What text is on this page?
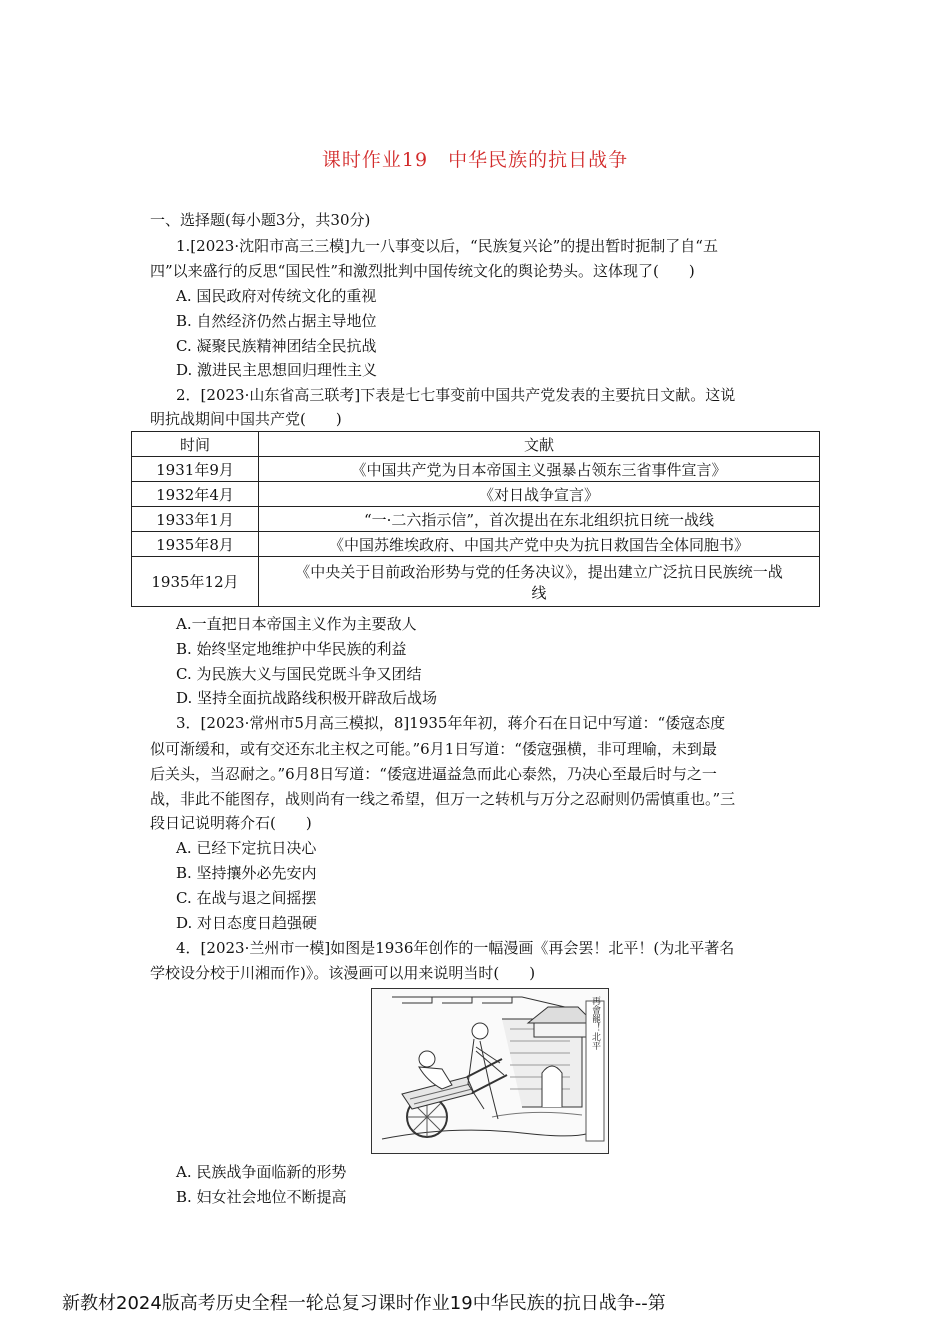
课时作业19　中华民族的抗日战争
一、选择题(每小题3分，共30分)
1.[2023·沈阳市高三三模]九一八事变以后，“民族复兴论”的提出暂时扼制了自“五
四”以来盛行的反思“国民性”和激烈批判中国传统文化的舆论势头。这体现了(　　)
A. 国民政府对传统文化的重视
B. 自然经济仍然占据主导地位
C. 凝聚民族精神团结全民抗战
D. 激进民主思想回归理性主义
2．[2023·山东省高三联考]下表是七七事变前中国共产党发表的主要抗日文献。这说
明抗战期间中国共产党(　　)
时间	文献
1931年9月	《中国共产党为日本帝国主义强暴占领东三省事件宣言》
1932年4月	《对日战争宣言》
1933年1月	“一·二六指示信”，首次提出在东北组织抗日统一战线
1935年8月	《中国苏维埃政府、中国共产党中央为抗日救国告全体同胞书》
1935年12月	《中央关于目前政治形势与党的任务决议》，提出建立广泛抗日民族统一战
线
A.一直把日本帝国主义作为主要敌人
B. 始终坚定地维护中华民族的利益
C. 为民族大义与国民党既斗争又团结
D. 坚持全面抗战路线积极开辟敌后战场
3．[2023·常州市5月高三模拟，8]1935年年初，蒋介石在日记中写道：“倭寇态度
似可渐缓和，或有交还东北主权之可能。”6月1日写道：“倭寇强横，非可理喻，未到最
后关头，当忍耐之。”6月8日写道：“倭寇进逼益急而此心泰然，乃决心至最后时与之一
战，非此不能图存，战则尚有一线之希望，但万一之转机与万分之忍耐则仍需慎重也。”三
段日记说明蒋介石(　　)
A. 已经下定抗日决心
B. 坚持攘外必先安内
C. 在战与退之间摇摆
D. 对日态度日趋强硬
4．[2023·兰州市一模]如图是1936年创作的一幅漫画《再会罢！北平！(为北平著名
学校设分校于川湘而作)》。该漫画可以用来说明当时(　　)
再會罷！北平
A. 民族战争面临新的形势
B. 妇女社会地位不断提高
新教材2024版高考历史全程一轮总复习课时作业19中华民族的抗日战争--第
